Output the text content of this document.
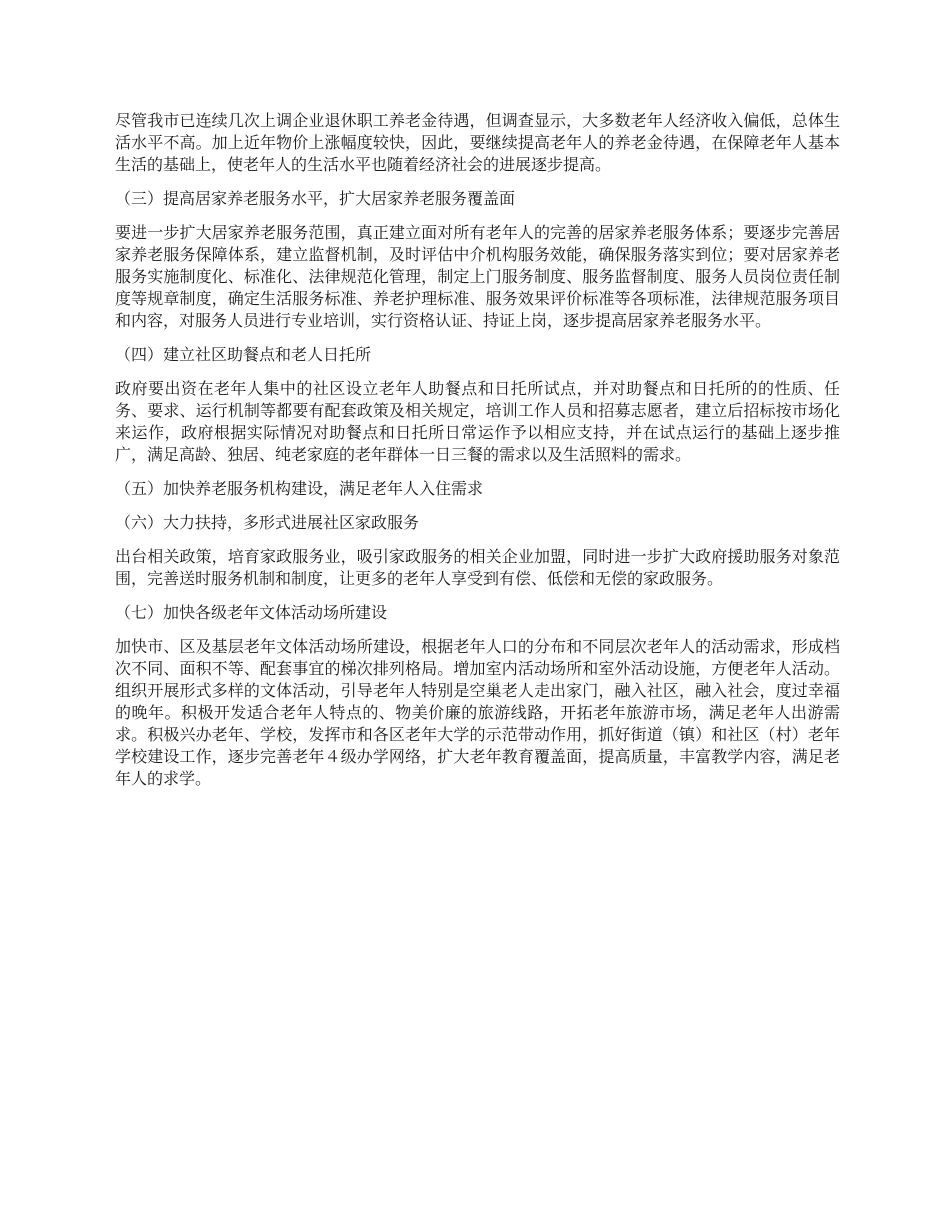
尽管我市已连续几次上调企业退休职工养老金待遇，但调查显示，大多数老年人经济收入偏低，总体生活水平不高。加上近年物价上涨幅度较快，因此，要继续提高老年人的养老金待遇，在保障老年人基本生活的基础上，使老年人的生活水平也随着经济社会的进展逐步提高。

（三）提高居家养老服务水平，扩大居家养老服务覆盖面

要进一步扩大居家养老服务范围，真正建立面对所有老年人的完善的居家养老服务体系；要逐步完善居家养老服务保障体系，建立监督机制，及时评估中介机构服务效能，确保服务落实到位；要对居家养老服务实施制度化、标准化、法律规范化管理，制定上门服务制度、服务监督制度、服务人员岗位责任制度等规章制度，确定生活服务标准、养老护理标准、服务效果评价标准等各项标准，法律规范服务项目和内容，对服务人员进行专业培训，实行资格认证、持证上岗，逐步提高居家养老服务水平。

（四）建立社区助餐点和老人日托所

政府要出资在老年人集中的社区设立老年人助餐点和日托所试点，并对助餐点和日托所的的性质、任务、要求、运行机制等都要有配套政策及相关规定，培训工作人员和招募志愿者，建立后招标按市场化来运作，政府根据实际情况对助餐点和日托所日常运作予以相应支持，并在试点运行的基础上逐步推广，满足高龄、独居、纯老家庭的老年群体一日三餐的需求以及生活照料的需求。

（五）加快养老服务机构建设，满足老年人入住需求

（六）大力扶持，多形式进展社区家政服务

出台相关政策，培育家政服务业，吸引家政服务的相关企业加盟，同时进一步扩大政府援助服务对象范围，完善送时服务机制和制度，让更多的老年人享受到有偿、低偿和无偿的家政服务。

（七）加快各级老年文体活动场所建设

加快市、区及基层老年文体活动场所建设，根据老年人口的分布和不同层次老年人的活动需求，形成档次不同、面积不等、配套事宜的梯次排列格局。增加室内活动场所和室外活动设施，方便老年人活动。组织开展形式多样的文体活动，引导老年人特别是空巢老人走出家门，融入社区，融入社会，度过幸福的晚年。积极开发适合老年人特点的、物美价廉的旅游线路，开拓老年旅游市场，满足老年人出游需求。积极兴办老年、学校，发挥市和各区老年大学的示范带动作用，抓好街道（镇）和社区（村）老年学校建设工作，逐步完善老年４级办学网络，扩大老年教育覆盖面，提高质量，丰富教学内容，满足老年人的求学。
